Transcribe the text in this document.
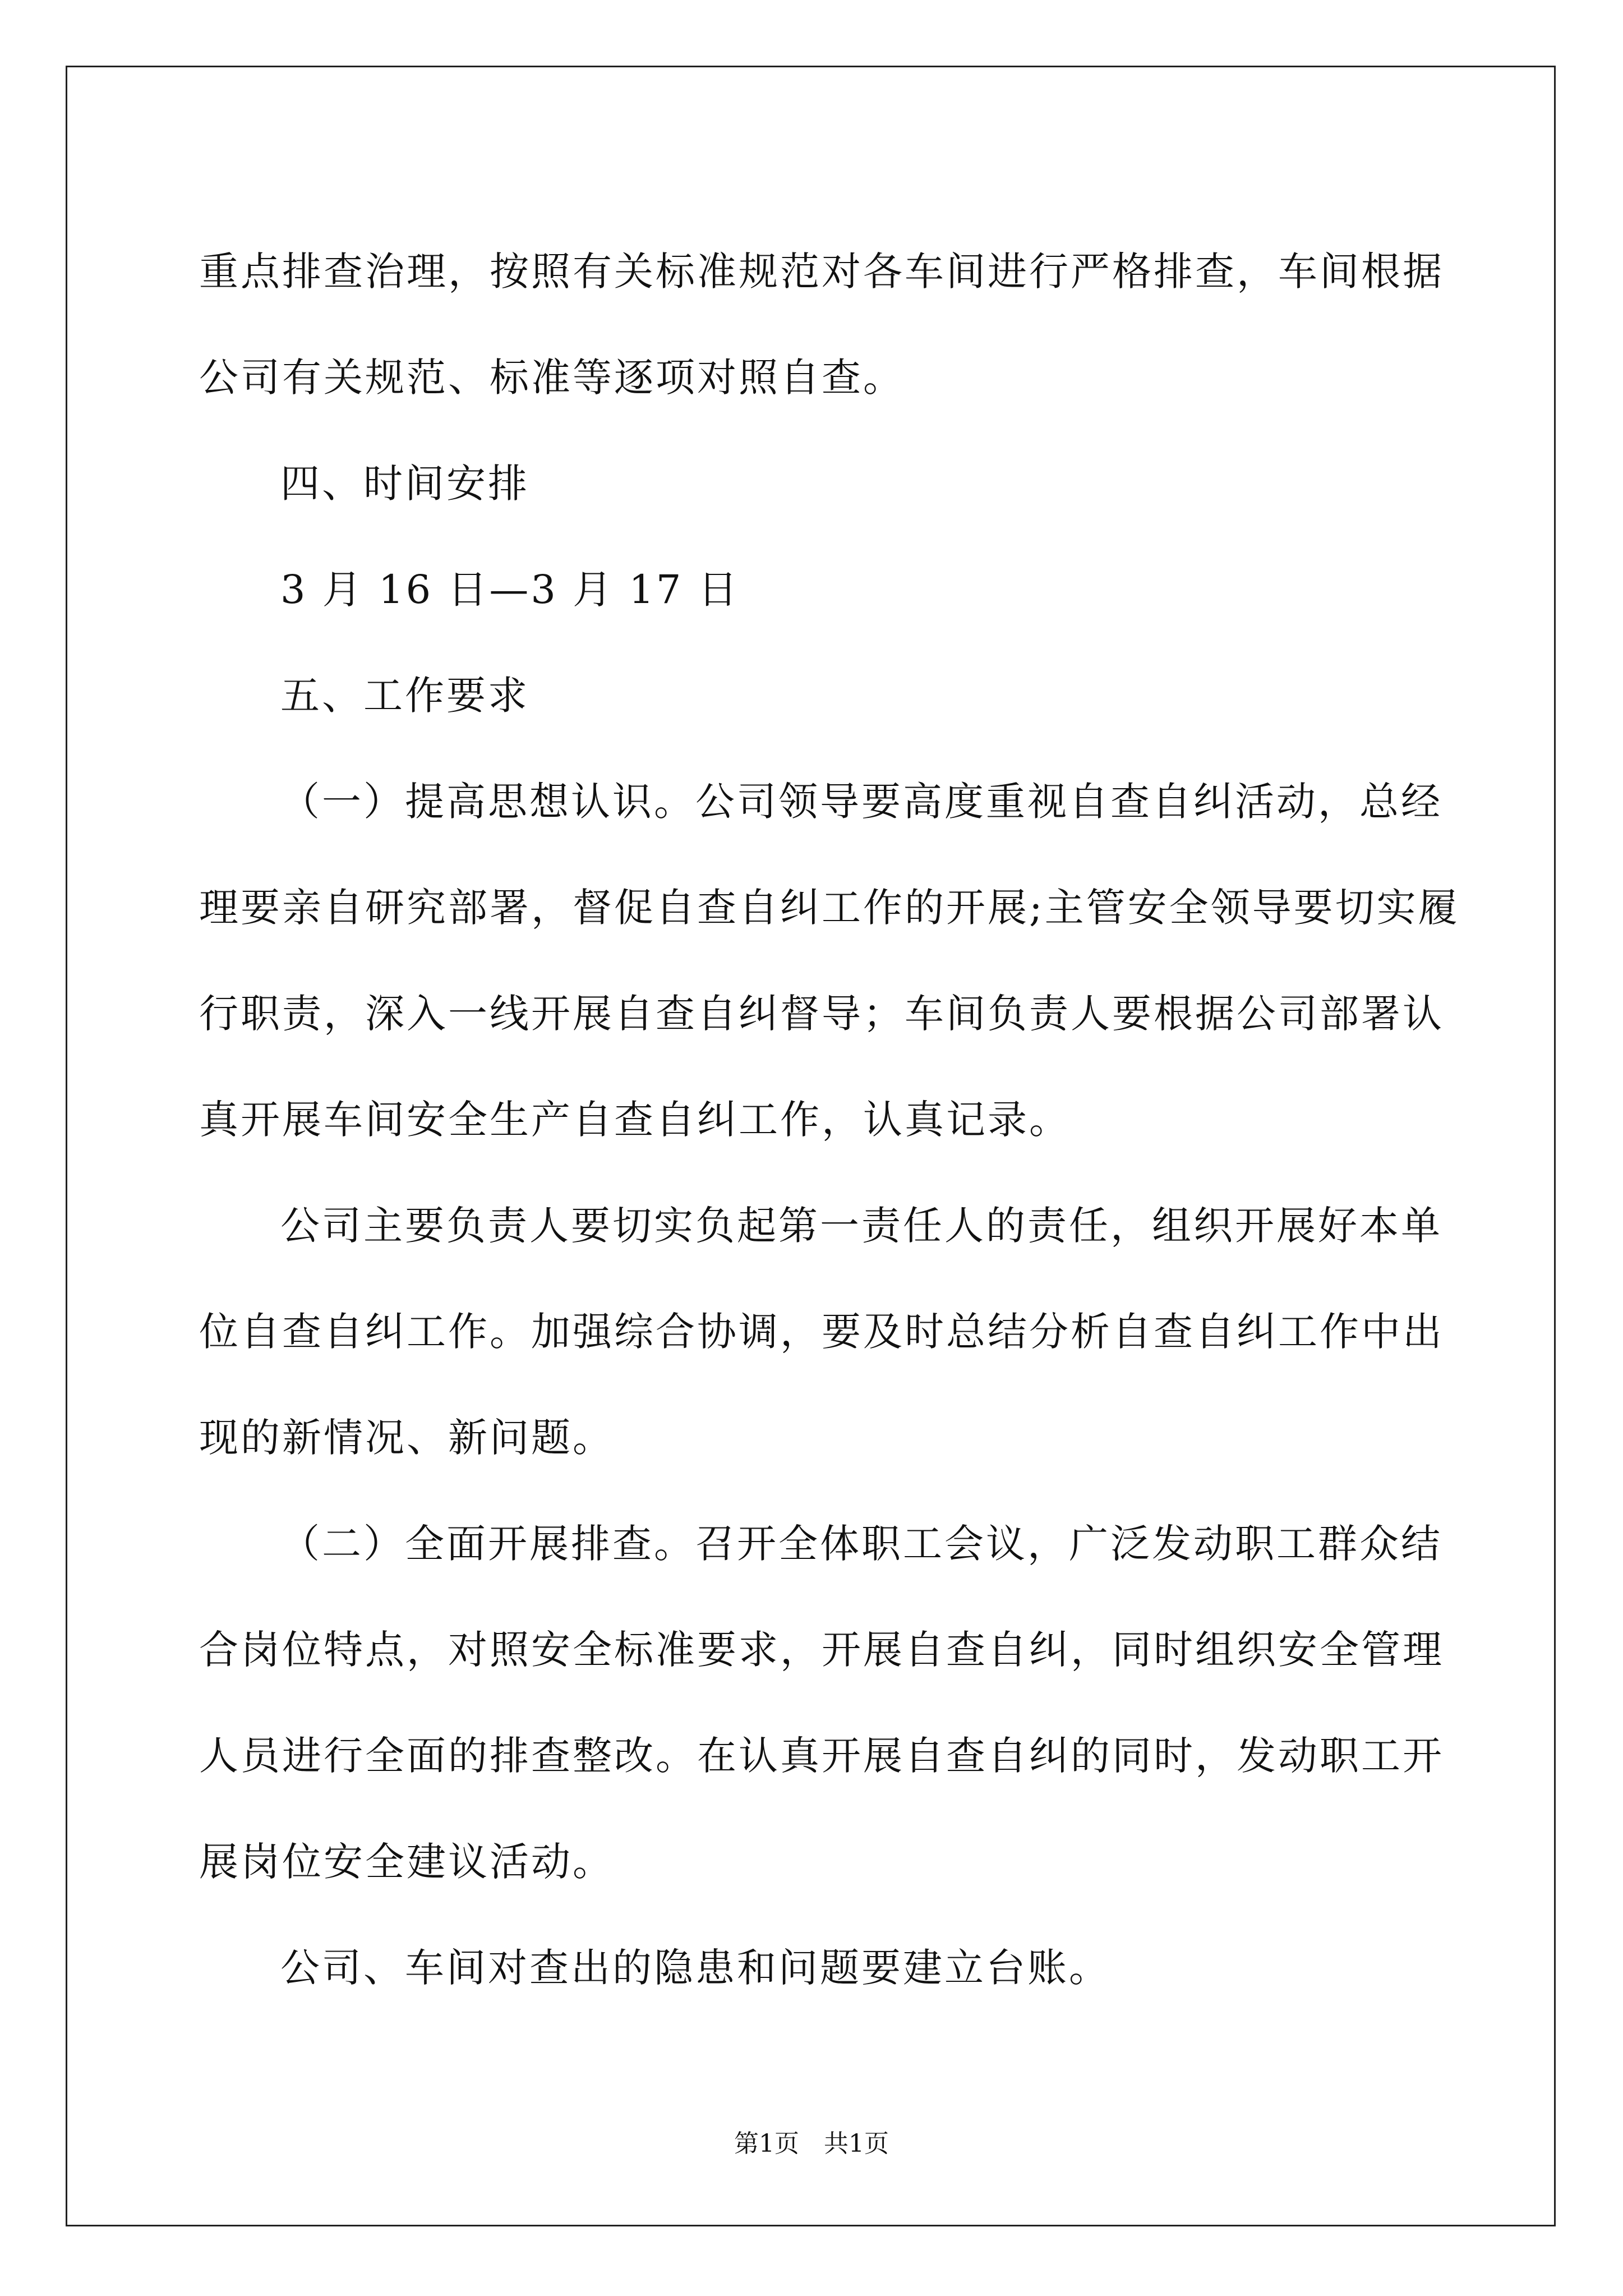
重点排查治理，按照有关标准规范对各车间进行严格排查，车间根据

公司有关规范、标准等逐项对照自查。

四、时间安排

3 月 16 日—3 月 17 日

五、工作要求

（一）提高思想认识。公司领导要高度重视自查自纠活动，总经

理要亲自研究部署，督促自查自纠工作的开展;主管安全领导要切实履

行职责，深入一线开展自查自纠督导；车间负责人要根据公司部署认

真开展车间安全生产自查自纠工作，认真记录。

公司主要负责人要切实负起第一责任人的责任，组织开展好本单

位自查自纠工作。加强综合协调，要及时总结分析自查自纠工作中出

现的新情况、新问题。

（二）全面开展排查。召开全体职工会议，广泛发动职工群众结

合岗位特点，对照安全标准要求，开展自查自纠，同时组织安全管理

人员进行全面的排查整改。在认真开展自查自纠的同时，发动职工开

展岗位安全建议活动。

公司、车间对查出的隐患和问题要建立台账。

第1页 共1页
